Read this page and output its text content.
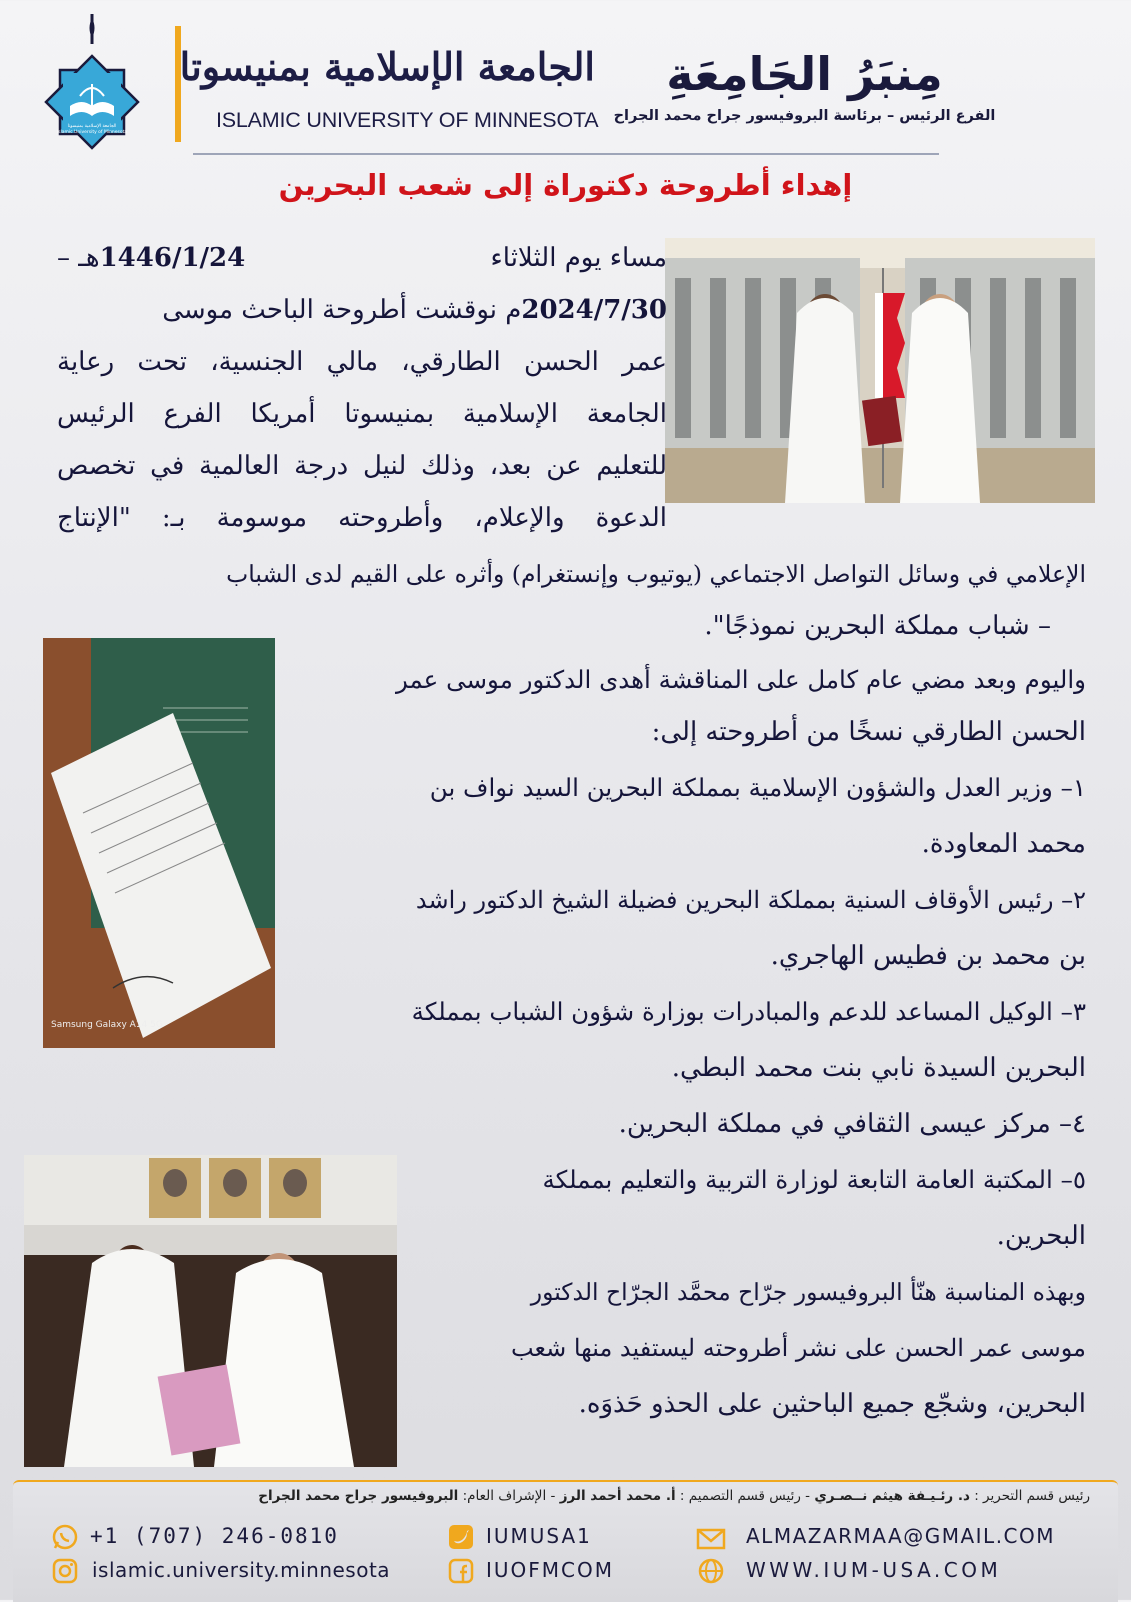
الجامعة الإسلامية بمنيسوتا
Islamic University of Minnesota
الجامعة الإسلامية بمنيسوتا
ISLAMIC UNIVERSITY OF MINNESOTA
مِنبَرُ الجَامِعَةِ
الفرع الرئيس – برئاسة البروفيسور جراح محمد الجراح
إهداء أطروحة دكتوراة إلى شعب البحرين
Samsung Galaxy A14 5G
مساء يوم الثلاثاء
1446/1/24هـ –
2024/7/30م نوقشت أطروحة الباحث موسى
عمر الحسن الطارقي، مالي الجنسية، تحت رعاية
الجامعة الإسلامية بمنيسوتا أمريكا الفرع الرئيس
للتعليم عن بعد، وذلك لنيل درجة العالمية في تخصص
الدعوة والإعلام، وأطروحته موسومة بـ: "الإنتاج
الإعلامي في وسائل التواصل الاجتماعي (يوتيوب وإنستغرام) وأثره على القيم لدى الشباب
– شباب مملكة البحرين نموذجًا".
واليوم وبعد مضي عام كامل على المناقشة أهدى الدكتور موسى عمر
الحسن الطارقي نسخًا من أطروحته إلى:
١– وزير العدل والشؤون الإسلامية بمملكة البحرين السيد نواف بن
محمد المعاودة.
٢– رئيس الأوقاف السنية بمملكة البحرين فضيلة الشيخ الدكتور راشد
بن محمد بن فطيس الهاجري.
٣– الوكيل المساعد للدعم والمبادرات بوزارة شؤون الشباب بمملكة
البحرين السيدة نابي بنت محمد البطي.
٤– مركز عيسى الثقافي في مملكة البحرين.
٥– المكتبة العامة التابعة لوزارة التربية والتعليم بمملكة
البحرين.
وبهذه المناسبة هنّأ البروفيسور جرّاح محمَّد الجرّاح الدكتور
موسى عمر الحسن على نشر أطروحته ليستفيد منها شعب
البحرين، وشجّع جميع الباحثين على الحذو حَذوَه.
رئيس قسم التحرير : د. رئـيـفة هيثم نــصـري - رئيس قسم التصميم : أ. محمد أحمد الرز - الإشراف العام: البروفيسور جراح محمد الجراح
+1 (707) 246-0810
islamic.university.minnesota
IUMUSA1
IUOFMCOM
ALMAZARMAA@GMAIL.COM
WWW.IUM-USA.COM
